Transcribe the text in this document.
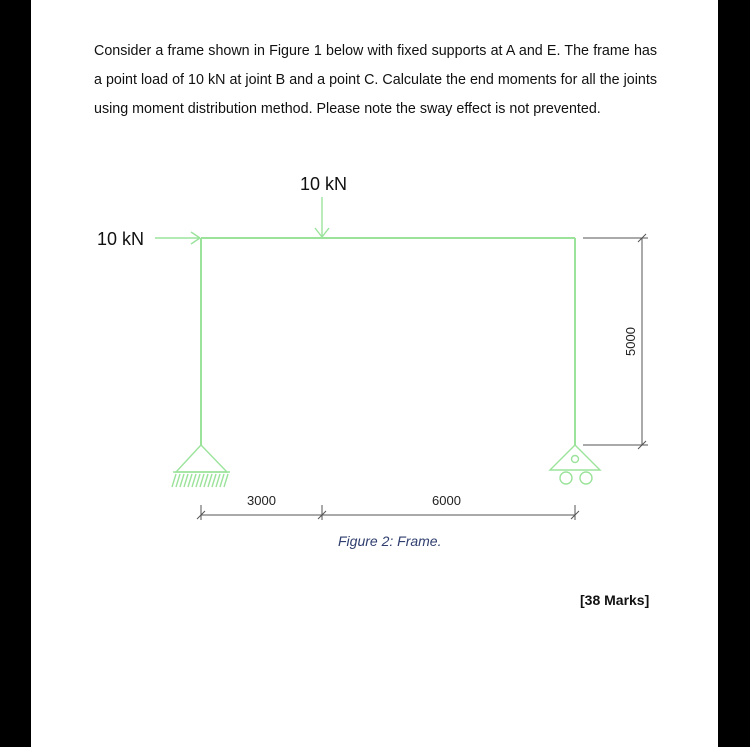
Consider a frame shown in Figure 1 below with fixed supports at A and E. The frame has a point load of 10 kN at joint B and a point C. Calculate the end moments for all the joints using moment distribution method. Please note the sway effect is not prevented.

10 kN
10 kN
3000	6000
5000

Figure 2: Frame.

[38 Marks]
